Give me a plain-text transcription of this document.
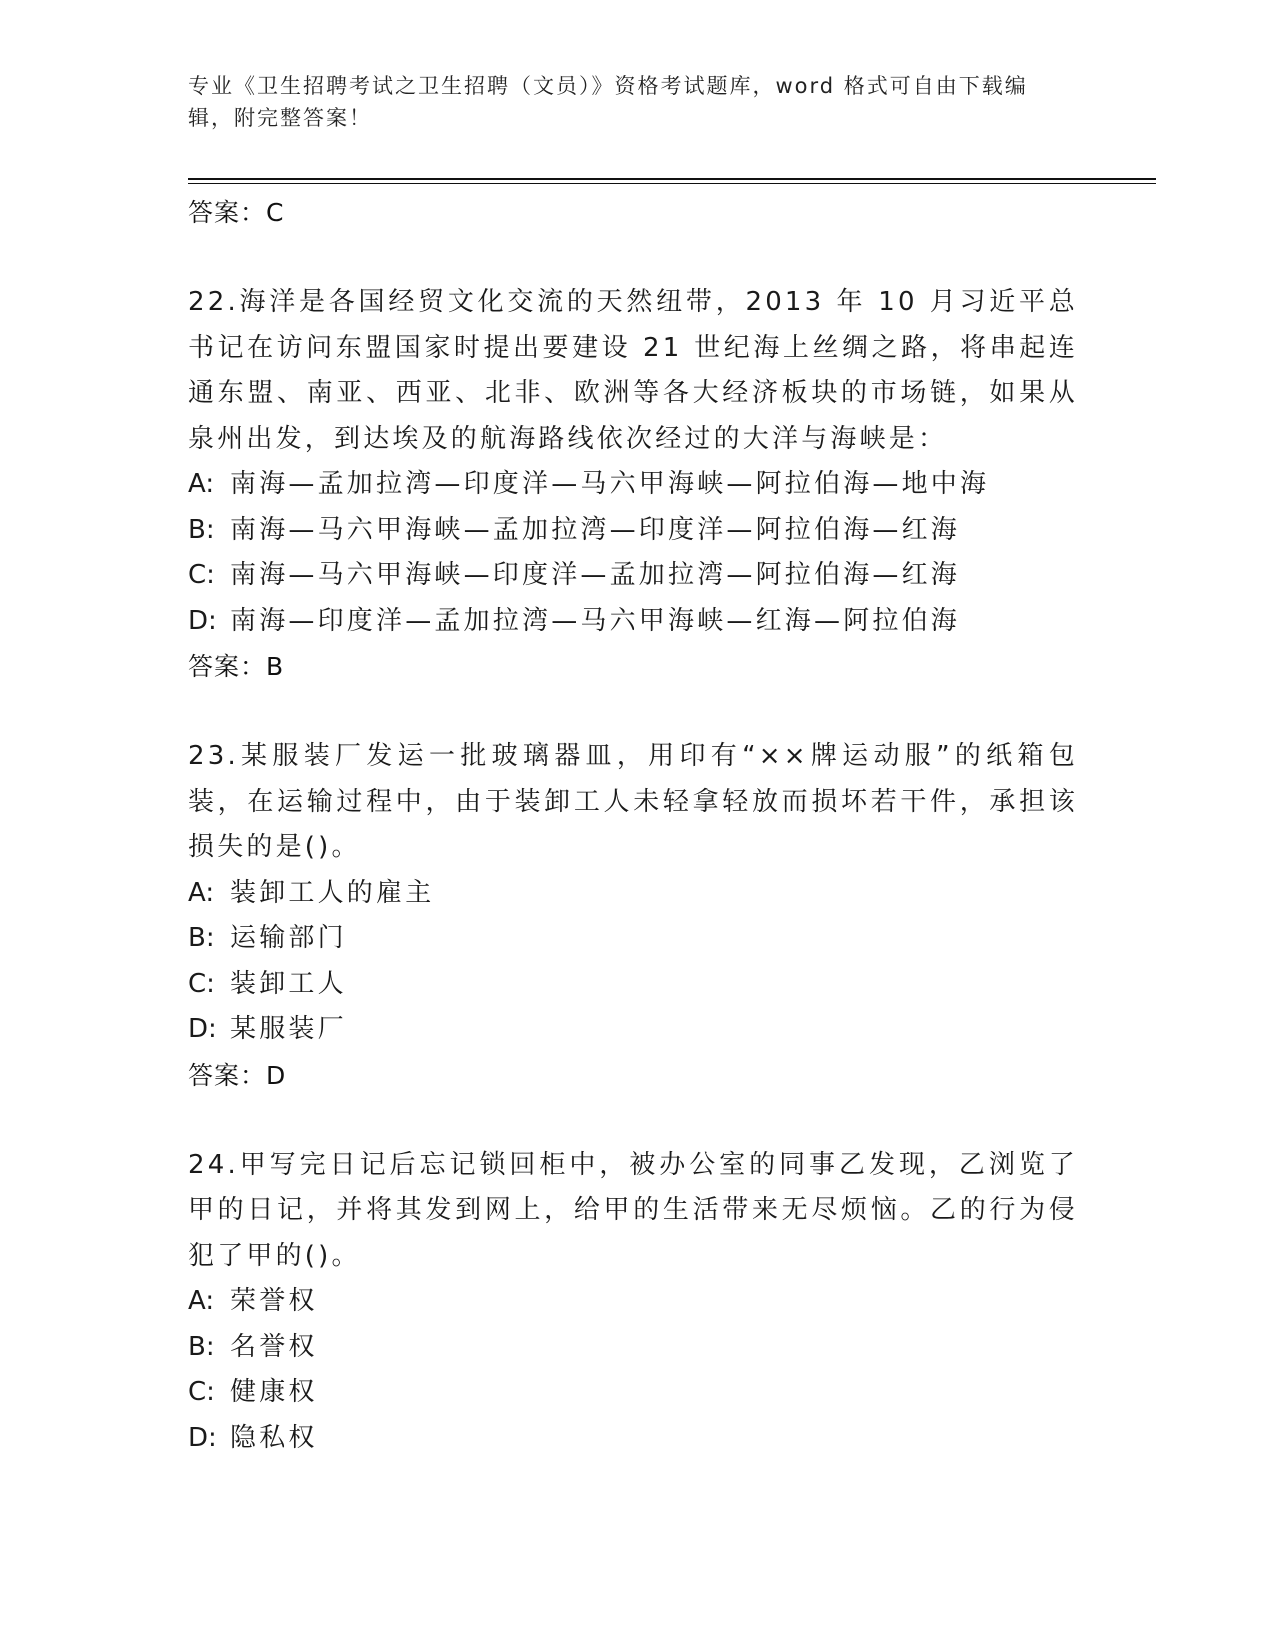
专业《卫生招聘考试之卫生招聘（文员）》资格考试题库，word 格式可自由下载编辑，附完整答案！
答案：C
22.海洋是各国经贸文化交流的天然纽带，2013 年 10 月习近平总书记在访问东盟国家时提出要建设 21 世纪海上丝绸之路，将串起连通东盟、南亚、西亚、北非、欧洲等各大经济板块的市场链，如果从泉州出发，到达埃及的航海路线依次经过的大洋与海峡是：
A: 南海—孟加拉湾—印度洋—马六甲海峡—阿拉伯海—地中海
B: 南海—马六甲海峡—孟加拉湾—印度洋—阿拉伯海—红海
C: 南海—马六甲海峡—印度洋—孟加拉湾—阿拉伯海—红海
D: 南海—印度洋—孟加拉湾—马六甲海峡—红海—阿拉伯海
答案：B
23.某服装厂发运一批玻璃器皿，用印有“××牌运动服”的纸箱包装，在运输过程中，由于装卸工人未轻拿轻放而损坏若干件，承担该损失的是()。
A: 装卸工人的雇主
B: 运输部门
C: 装卸工人
D: 某服装厂
答案：D
24.甲写完日记后忘记锁回柜中，被办公室的同事乙发现，乙浏览了甲的日记，并将其发到网上，给甲的生活带来无尽烦恼。乙的行为侵犯了甲的()。
A: 荣誉权
B: 名誉权
C: 健康权
D: 隐私权
